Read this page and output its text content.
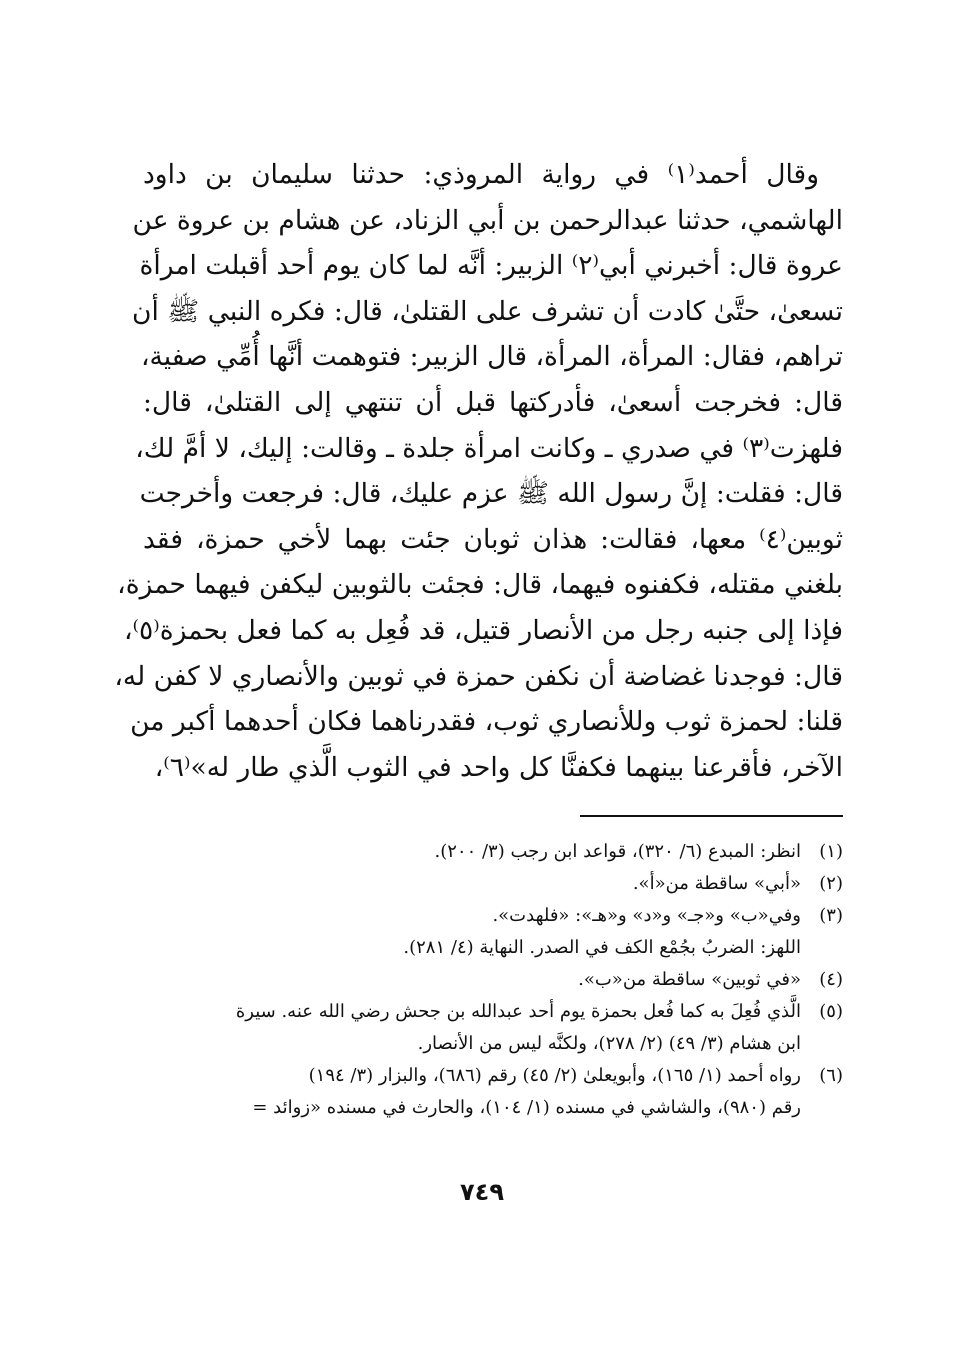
وقال أحمد⁽١⁾ في رواية المروذي: حدثنا سليمان بن داود
الهاشمي، حدثنا عبدالرحمن بن أبي الزناد، عن هشام بن عروة عن
عروة قال: أخبرني أبي⁽٢⁾ الزبير: أنَّه لما كان يوم أحد أقبلت امرأة
تسعىٰ، حتَّىٰ كادت أن تشرف على القتلىٰ، قال: فكره النبي ﷺ أن
تراهم، فقال: المرأة، المرأة، قال الزبير: فتوهمت أنَّها أُمِّي صفية،
قال: فخرجت أسعىٰ، فأدركتها قبل أن تنتهي إلى القتلىٰ، قال:
فلهزت⁽٣⁾ في صدري ـ وكانت امرأة جلدة ـ وقالت: إليك، لا أمَّ لك،
قال: فقلت: إنَّ رسول الله ﷺ عزم عليك، قال: فرجعت وأخرجت
ثوبين⁽٤⁾ معها، فقالت: هذان ثوبان جئت بهما لأخي حمزة، فقد
بلغني مقتله، فكفنوه فيهما، قال: فجئت بالثوبين ليكفن فيهما حمزة،
فإذا إلى جنبه رجل من الأنصار قتيل، قد فُعِل به كما فعل بحمزة⁽٥⁾،
قال: فوجدنا غضاضة أن نكفن حمزة في ثوبين والأنصاري لا كفن له،
قلنا: لحمزة ثوب وللأنصاري ثوب، فقدرناهما فكان أحدهما أكبر من
الآخر، فأقرعنا بينهما فكفنَّا كل واحد في الثوب الَّذي طار له»⁽٦⁾،
(١)
انظر: المبدع (٦/ ٣٢٠)، قواعد ابن رجب (٣/ ٢٠٠).
(٢)
«أبي» ساقطة من«أ».
(٣)
وفي«ب» و«جـ» و«د» و«هـ»: «فلهدت».
اللهز: الضربُ بجُمْع الكف في الصدر. النهاية (٤/ ٢٨١).
(٤)
«في ثوبين» ساقطة من«ب».
(٥)
الَّذي فُعِلَ به كما فُعل بحمزة يوم أحد عبدالله بن جحش رضي الله عنه. سيرة
ابن هشام (٣/ ٤٩) (٢/ ٢٧٨)، ولكنَّه ليس من الأنصار.
(٦)
رواه أحمد (١/ ١٦٥)، وأبويعلىٰ (٢/ ٤٥) رقم (٦٨٦)، والبزار (٣/ ١٩٤)
رقم (٩٨٠)، والشاشي في مسنده (١/ ١٠٤)، والحارث في مسنده «زوائد =
٧٤٩
